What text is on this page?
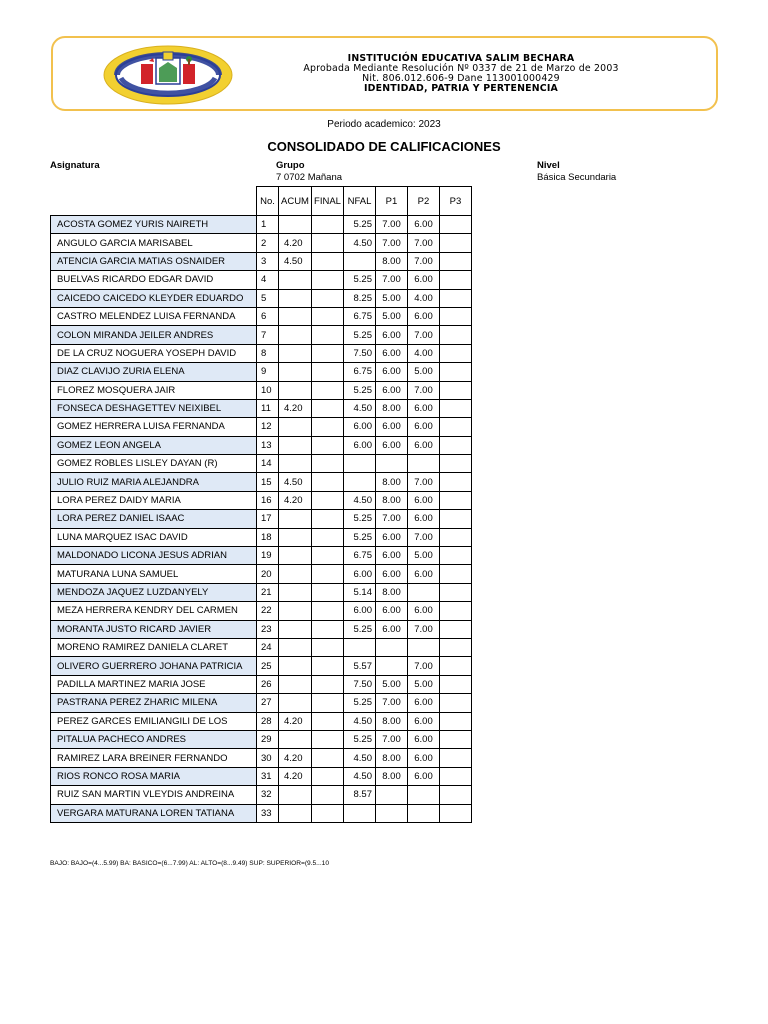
INSTITUCIÓN EDUCATIVA SALIM BECHARA
Aprobada Mediante Resolución Nº 0337 de 21 de Marzo de 2003
Nit. 806.012.606-9 Dane 113001000429
IDENTIDAD, PATRIA Y PERTENENCIA
Periodo academico: 2023
CONSOLIDADO DE CALIFICACIONES
Asignatura	Grupo
7 0702 Mañana
Nivel
Básica Secundaria
	No.	ACUM	FINAL	NFAL	P1	P2	P3
ACOSTA GOMEZ YURIS NAIRETH	1			5.25	7.00	6.00	
ANGULO GARCIA MARISABEL	2	4.20		4.50	7.00	7.00	
ATENCIA GARCIA MATIAS OSNAIDER	3	4.50			8.00	7.00	
BUELVAS RICARDO EDGAR DAVID	4			5.25	7.00	6.00	
CAICEDO CAICEDO KLEYDER EDUARDO	5			8.25	5.00	4.00	
CASTRO MELENDEZ LUISA FERNANDA	6			6.75	5.00	6.00	
COLON MIRANDA JEILER ANDRES	7			5.25	6.00	7.00	
DE LA CRUZ NOGUERA YOSEPH DAVID	8			7.50	6.00	4.00	
DIAZ CLAVIJO ZURIA ELENA	9			6.75	6.00	5.00	
FLOREZ MOSQUERA JAIR	10			5.25	6.00	7.00	
FONSECA DESHAGETTEV NEIXIBEL	11	4.20		4.50	8.00	6.00	
GOMEZ HERRERA LUISA FERNANDA	12			6.00	6.00	6.00	
GOMEZ LEON ANGELA	13			6.00	6.00	6.00	
GOMEZ ROBLES LISLEY DAYAN (R)	14						
JULIO RUIZ MARIA ALEJANDRA	15	4.50			8.00	7.00	
LORA PEREZ DAIDY MARIA	16	4.20		4.50	8.00	6.00	
LORA PEREZ DANIEL ISAAC	17			5.25	7.00	6.00	
LUNA MARQUEZ ISAC DAVID	18			5.25	6.00	7.00	
MALDONADO LICONA JESUS ADRIAN	19			6.75	6.00	5.00	
MATURANA LUNA SAMUEL	20			6.00	6.00	6.00	
MENDOZA JAQUEZ LUZDANYELY	21			5.14	8.00		
MEZA HERRERA KENDRY DEL CARMEN	22			6.00	6.00	6.00	
MORANTA JUSTO RICARD JAVIER	23			5.25	6.00	7.00	
MORENO RAMIREZ DANIELA CLARET	24						
OLIVERO GUERRERO JOHANA PATRICIA	25			5.57		7.00	
PADILLA MARTINEZ MARIA JOSE	26			7.50	5.00	5.00	
PASTRANA PEREZ ZHARIC MILENA	27			5.25	7.00	6.00	
PEREZ GARCES EMILIANGILI DE LOS	28	4.20		4.50	8.00	6.00	
PITALUA PACHECO ANDRES	29			5.25	7.00	6.00	
RAMIREZ LARA BREINER FERNANDO	30	4.20		4.50	8.00	6.00	
RIOS RONCO ROSA MARIA	31	4.20		4.50	8.00	6.00	
RUIZ SAN MARTIN VLEYDIS ANDREINA	32			8.57			
VERGARA MATURANA LOREN TATIANA	33						
BAJO: BAJO=(4...5.99) BA: BASICO=(6...7.99) AL: ALTO=(8...9.49) SUP: SUPERIOR=(9.5...10
